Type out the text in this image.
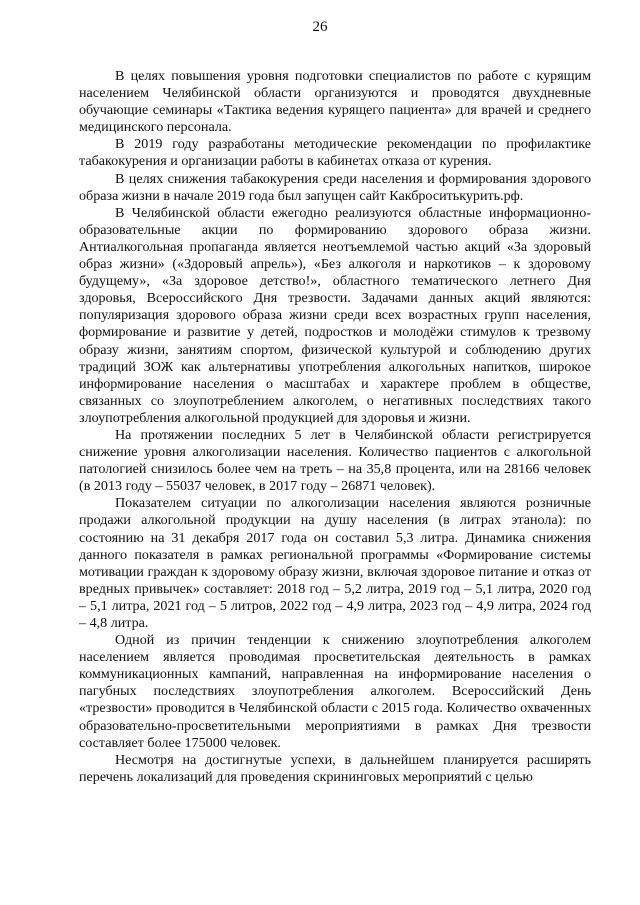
26

В целях повышения уровня подготовки специалистов по работе с курящим населением Челябинской области организуются и проводятся двухдневные обучающие семинары «Тактика ведения курящего пациента» для врачей и среднего медицинского персонала.

В 2019 году разработаны методические рекомендации по профилактике табакокурения и организации работы в кабинетах отказа от курения.

В целях снижения табакокурения среди населения и формирования здорового образа жизни в начале 2019 года был запущен сайт Какброситькурить.рф.

В Челябинской области ежегодно реализуются областные информационно-образовательные акции по формированию здорового образа жизни. Антиалкогольная пропаганда является неотъемлемой частью акций «За здоровый образ жизни» («Здоровый апрель»), «Без алкоголя и наркотиков – к здоровому будущему», «За здоровое детство!», областного тематического летнего Дня здоровья, Всероссийского Дня трезвости. Задачами данных акций являются: популяризация здорового образа жизни среди всех возрастных групп населения, формирование и развитие у детей, подростков и молодёжи стимулов к трезвому образу жизни, занятиям спортом, физической культурой и соблюдению других традиций ЗОЖ как альтернативы употребления алкогольных напитков, широкое информирование населения о масштабах и характере проблем в обществе, связанных со злоупотреблением алкоголем, о негативных последствиях такого злоупотребления алкогольной продукцией для здоровья и жизни.

На протяжении последних 5 лет в Челябинской области регистрируется снижение уровня алкоголизации населения. Количество пациентов с алкогольной патологией снизилось более чем на треть – на 35,8 процента, или на 28166 человек (в 2013 году – 55037 человек, в 2017 году – 26871 человек).

Показателем ситуации по алкоголизации населения являются розничные продажи алкогольной продукции на душу населения (в литрах этанола): по состоянию на 31 декабря 2017 года он составил 5,3 литра. Динамика снижения данного показателя в рамках региональной программы «Формирование системы мотивации граждан к здоровому образу жизни, включая здоровое питание и отказ от вредных привычек» составляет: 2018 год – 5,2 литра, 2019 год – 5,1 литра, 2020 год – 5,1 литра, 2021 год – 5 литров, 2022 год – 4,9 литра, 2023 год – 4,9 литра, 2024 год – 4,8 литра.

Одной из причин тенденции к снижению злоупотребления алкоголем населением является проводимая просветительская деятельность в рамках коммуникационных кампаний, направленная на информирование населения о пагубных последствиях злоупотребления алкоголем. Всероссийский День «трезвости» проводится в Челябинской области с 2015 года. Количество охваченных образовательно-просветительными мероприятиями в рамках Дня трезвости составляет более 175000 человек.

Несмотря на достигнутые успехи, в дальнейшем планируется расширять перечень локализаций для проведения скрининговых мероприятий с целью
